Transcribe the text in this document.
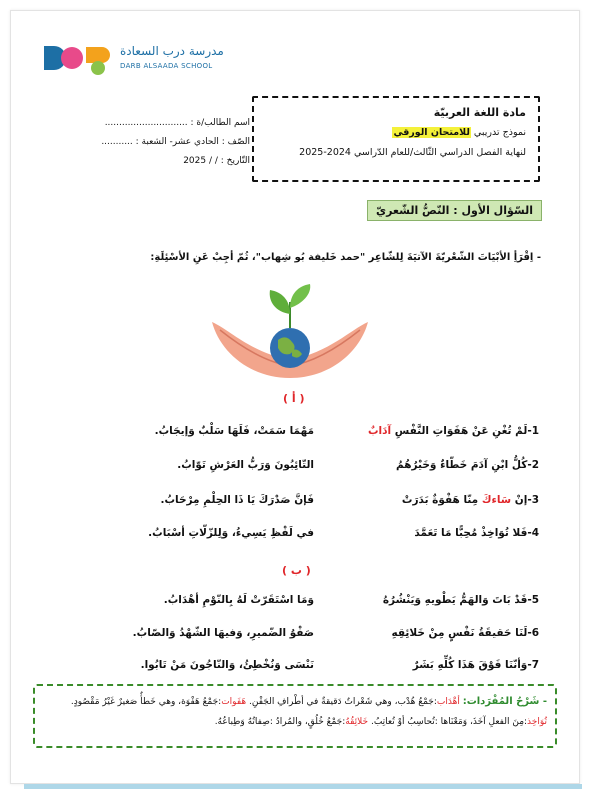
مدرسة درب السعادة
DARB ALSAADA SCHOOL
اسم الطالب/ة : .............................
الصّف : الحادي عشر- الشعبة : ...........
التّاريخ : / / 2025
مادة اللغة العربيّة
نموذج تدريبي للامتحان الورقي
لنهاية الفصل الدراسي الثّالث/للعام الدّراسي 2024-2025
السّؤال الأول : النّصُّ الشّعريّ
- اِقْرَأِ الأبْيَاتَ الشّعْريّةَ الآتيَةَ لِلشّاعِر "حمد خَليفة بُو شِهاب"، ثُمّ أجِبْ عَنِ الأسْئِلَةِ:
( أ )
1-لَمْ تُغْنِ عَنْ هَفَوَاتِ النَّفْسِ آدَابٌ
مَهْمَا سَمَتْ، فَلَهَا سَلْبٌ وَإيجَابُ.
2-كُلُّ ابْنِ آدَمَ خَطّاءٌ وَخَيْرُهُمُ
التّائِبُونَ وَرَبُّ العَرْشِ تَوّابُ.
3-إنْ سَاءكَ مِنّا هَفْوَةٌ بَدَرَتْ
فَإنَّ صَدْرَكَ يَا ذَا الحِلْمِ مِرْحَابُ.
4-فَلا تُوَاخِذْ مُحِبًّا مَا تَعَمَّدَ
في لَفْظِ يَسِيءُ، وَلِلزّلّاتِ أسْبَابُ.
( ب )
5-قَدْ بَاتَ وَالهَمُّ يَطْويهِ وَيَنْشُرُهُ
وَمَا اسْتَقَرّتْ لَهُ بِالنّوْمِ أهْدَابُ.
6-لَنَا حَقيقَةُ نَفْسٍ مِنْ خَلائِقِهِ
صَفْوُ الضّميرِ، وَفيهَا الشّهْدُ وَالصّابُ.
7-وَأنّنَا فَوْقَ هَذَا كُلِّهِ بَشَرٌ
نَنْسَى وَنُخْطِئُ، وَالنّاجُونَ مَنْ تَابُوا.
- شَرْحُ المُفْرَدات: أهْدَاب:جَمْعُ هُدْب، وهي شَعْراتٌ دَقيقةٌ في أطْرافِ الجَفْنِ. هَفَوات:جَمْعُ هَفْوَة، وهي خَطأٌ صَغيرٌ غَيْرُ مَقْصُودٍ. تُوَاخِذ:مِنَ الفعلِ آخَذَ، وَمَعْنَاها :تُحاسِبُ أوْ تُعاتِبُ. خَلائِقُهُ:جَمْعُ خُلُقٍ، والمُرادُ :صِفاتُهُ وَطِباعُهُ.
